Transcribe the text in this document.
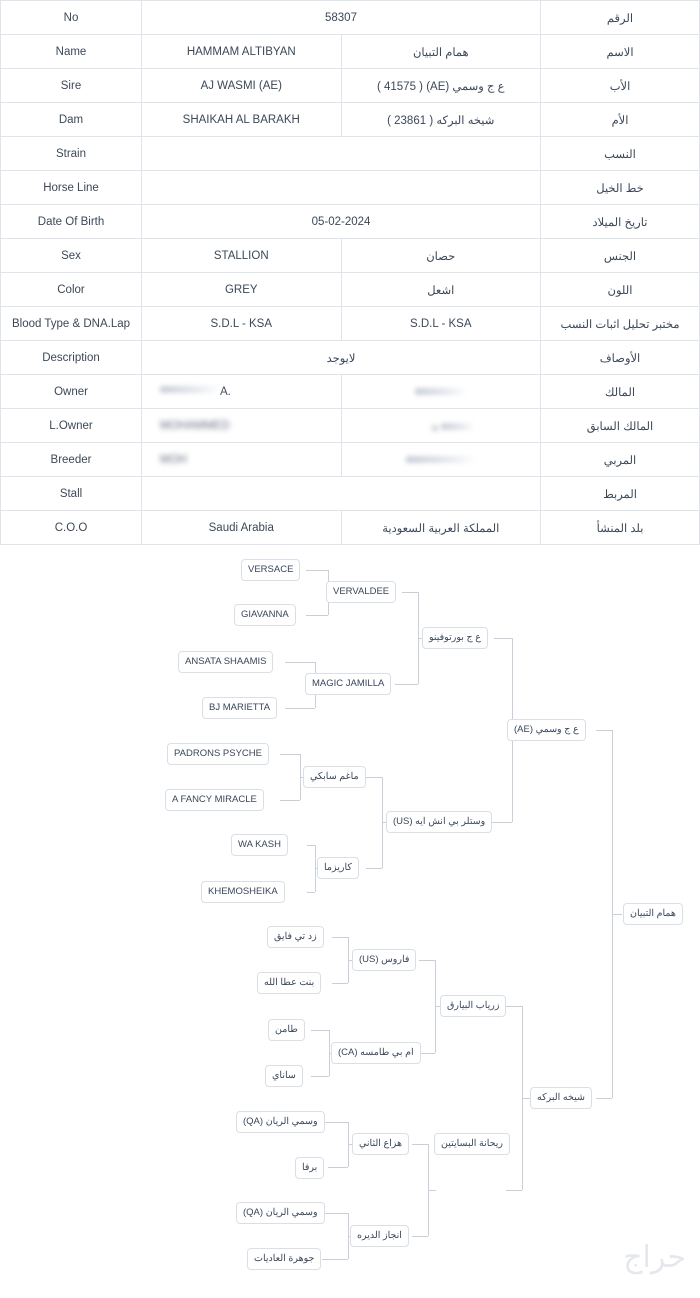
No	58307		الرقم
Name	HAMMAM ALTIBYAN	همام التبيان	الاسم
Sire	AJ WASMI (AE)	ع ج وسمي (AE) ( 41575 )	الأب
Dam	SHAIKAH AL BARAKH	شيخه البركه ( 23861 )	الأم
Strain			النسب
Horse Line			خط الخيل
Date Of Birth	05-02-2024		تاريخ الميلاد
Sex	STALLION	حصان	الجنس
Color	GREY	اشعل	اللون
Blood Type & DNA.Lap	S.D.L - KSA	S.D.L - KSA	مختبر تحليل اثبات النسب
Description	لايوجد		الأوصاف
Owner	A.		المالك
L.Owner	MOHAMMED	ه	المالك السابق
Breeder	MOH		المربي
Stall			المربط
C.O.O	Saudi Arabia	المملكة العربية السعودية	بلد المنشأ
VERSACE
GIAVANNA
VERVALDEE
ANSATA SHAAMIS
BJ MARIETTA
MAGIC JAMILLA
ع ج بورتوفينو
PADRONS PSYCHE
A FANCY MIRACLE
ماغم سابكي
WA KASH
KHEMOSHEIKA
كاريزما
وستلر بي انش ايه (US)
ع ج وسمي (AE)
زد تي فايق
بنت عطا الله
فاروس (US)
طامن
ساناي
ام بي طامسه (CA)
زرياب البيارق
وسمي الريان (QA)
برفا
هزاع الثاني
وسمي الريان (QA)
جوهرة العاديات
انجاز الديره
ريحانة البسايتين
شيخه البركه
همام التبيان
حراج
